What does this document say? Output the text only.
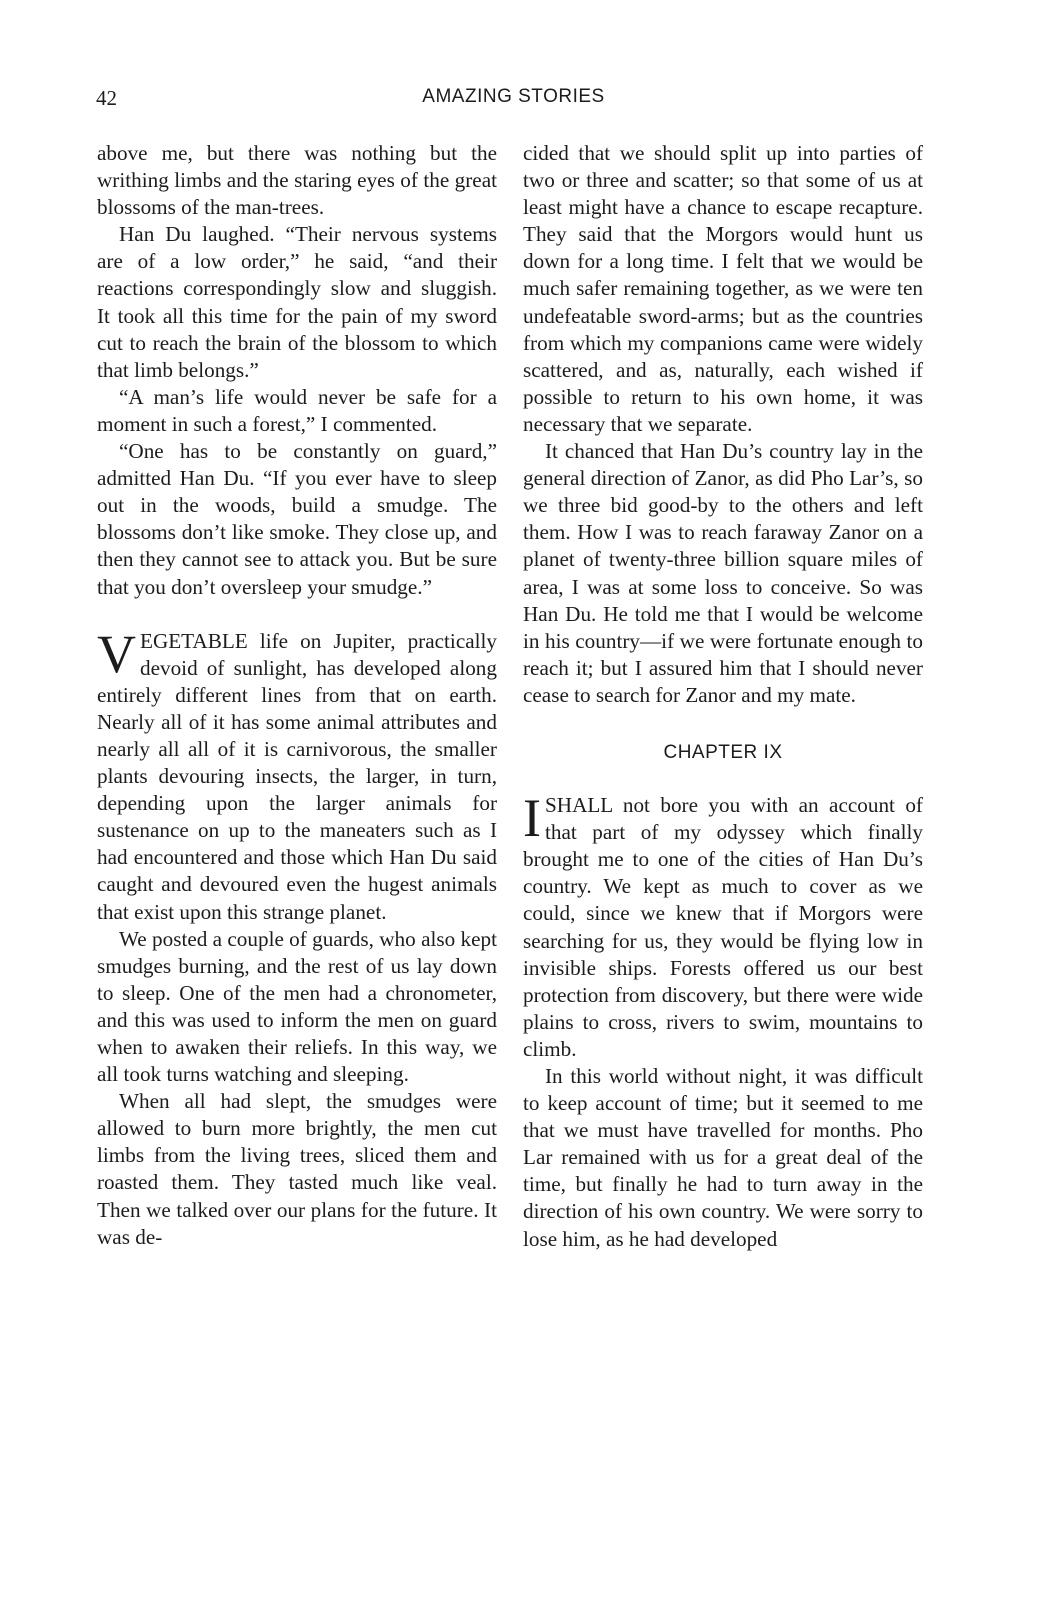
42	AMAZING STORIES

above me, but there was nothing but the writhing limbs and the staring eyes of the great blossoms of the man-trees.

Han Du laughed. “Their nervous systems are of a low order,” he said, “and their reactions correspondingly slow and sluggish. It took all this time for the pain of my sword cut to reach the brain of the blossom to which that limb belongs.”

“A man’s life would never be safe for a moment in such a forest,” I commented.

“One has to be constantly on guard,” admitted Han Du. “If you ever have to sleep out in the woods, build a smudge. The blossoms don’t like smoke. They close up, and then they cannot see to attack you. But be sure that you don’t oversleep your smudge.”

VEGETABLE life on Jupiter, practically devoid of sunlight, has developed along entirely different lines from that on earth. Nearly all of it has some animal attributes and nearly all all of it is carnivorous, the smaller plants devouring insects, the larger, in turn, depending upon the larger animals for sustenance on up to the maneaters such as I had encountered and those which Han Du said caught and devoured even the hugest animals that exist upon this strange planet.

We posted a couple of guards, who also kept smudges burning, and the rest of us lay down to sleep. One of the men had a chronometer, and this was used to inform the men on guard when to awaken their reliefs. In this way, we all took turns watching and sleeping.

When all had slept, the smudges were allowed to burn more brightly, the men cut limbs from the living trees, sliced them and roasted them. They tasted much like veal. Then we talked over our plans for the future. It was de-

cided that we should split up into parties of two or three and scatter; so that some of us at least might have a chance to escape recapture. They said that the Morgors would hunt us down for a long time. I felt that we would be much safer remaining together, as we were ten undefeatable sword-arms; but as the countries from which my companions came were widely scattered, and as, naturally, each wished if possible to return to his own home, it was necessary that we separate.

It chanced that Han Du’s country lay in the general direction of Zanor, as did Pho Lar’s, so we three bid good-by to the others and left them. How I was to reach faraway Zanor on a planet of twenty-three billion square miles of area, I was at some loss to conceive. So was Han Du. He told me that I would be welcome in his country—if we were fortunate enough to reach it; but I assured him that I should never cease to search for Zanor and my mate.

CHAPTER IX

ISHALL not bore you with an account of that part of my odyssey which finally brought me to one of the cities of Han Du’s country. We kept as much to cover as we could, since we knew that if Morgors were searching for us, they would be flying low in invisible ships. Forests offered us our best protection from discovery, but there were wide plains to cross, rivers to swim, mountains to climb.

In this world without night, it was difficult to keep account of time; but it seemed to me that we must have travelled for months. Pho Lar remained with us for a great deal of the time, but finally he had to turn away in the direction of his own country. We were sorry to lose him, as he had developed
